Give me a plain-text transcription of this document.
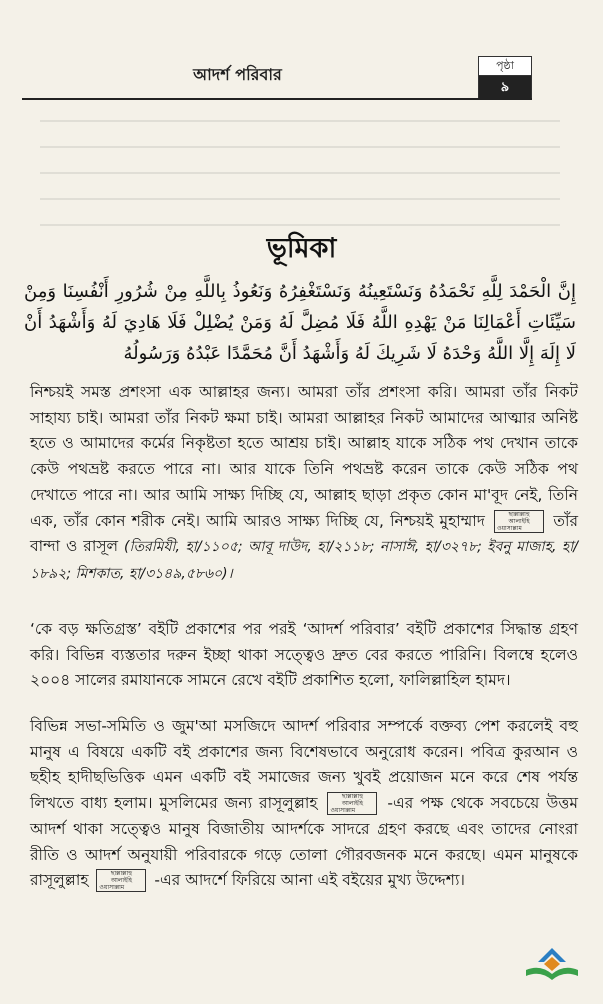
আদর্শ পরিবার	পৃষ্ঠা
৯
ভূমিকা
إِنَّ الْحَمْدَ لِلَّهِ نَحْمَدُهُ وَنَسْتَعِينُهُ وَنَسْتَغْفِرُهُ وَنَعُوذُ بِاللَّهِ مِنْ شُرُورِ أَنْفُسِنَا وَمِنْ سَيِّئَاتِ أَعْمَالِنَا مَنْ يَهْدِهِ اللَّهُ فَلَا مُضِلَّ لَهُ وَمَنْ يُضْلِلْ فَلَا هَادِيَ لَهُ وَأَشْهَدُ أَنْ لَا إِلَهَ إِلَّا اللَّهُ وَحْدَهُ لَا شَرِيكَ لَهُ وَأَشْهَدُ أَنَّ مُحَمَّدًا عَبْدُهُ وَرَسُولُهُ
নিশ্চয়ই সমস্ত প্রশংসা এক আল্লাহর জন্য। আমরা তাঁর প্রশংসা করি। আমরা তাঁর নিকট সাহায্য চাই। আমরা তাঁর নিকট ক্ষমা চাই। আমরা আল্লাহর নিকট আমাদের আত্মার অনিষ্ট হতে ও আমাদের কর্মের নিকৃষ্টতা হতে আশ্রয় চাই। আল্লাহ যাকে সঠিক পথ দেখান তাকে কেউ পথভ্রষ্ট করতে পারে না। আর যাকে তিনি পথভ্রষ্ট করেন তাকে কেউ সঠিক পথ দেখাতে পারে না। আর আমি সাক্ষ্য দিচ্ছি যে, আল্লাহ ছাড়া প্রকৃত কোন মা'বূদ নেই, তিনি এক, তাঁর কোন শরীক নেই। আমি আরও সাক্ষ্য দিচ্ছি যে, নিশ্চয়ই মুহাম্মাদ	ছাল্লাল্লাহু আলাইহি ওয়াসাল্লাম তাঁর বান্দা ও রাসূল (তিরমিযী, হা/১১০৫; আবূ দাউদ, হা/২১১৮; নাসাঈ, হা/৩২৭৮; ইবনু মাজাহ, হা/১৮৯২; মিশকাত, হা/৩১৪৯,৫৮৬০)।
‘কে বড় ক্ষতিগ্রস্ত’ বইটি প্রকাশের পর পরই ‘আদর্শ পরিবার’ বইটি প্রকাশের সিদ্ধান্ত গ্রহণ করি। বিভিন্ন ব্যস্ততার দরুন ইচ্ছা থাকা সত্ত্বেও দ্রুত বের করতে পারিনি। বিলম্বে হলেও ২০০৪ সালের রমাযানকে সামনে রেখে বইটি প্রকাশিত হলো, ফালিল্লাহিল হামদ।
বিভিন্ন সভা-সমিতি ও জুম'আ মসজিদে আদর্শ পরিবার সম্পর্কে বক্তব্য পেশ করলেই বহু মানুষ এ বিষয়ে একটি বই প্রকাশের জন্য বিশেষভাবে অনুরোধ করেন। পবিত্র কুরআন ও ছহীহ হাদীছভিত্তিক এমন একটি বই সমাজের জন্য খুবই প্রয়োজন মনে করে শেষ পর্যন্ত লিখতে বাধ্য হলাম। মুসলিমের জন্য রাসূলুল্লাহ	ছাল্লাল্লাহু আলাইহি ওয়াসাল্লাম -এর পক্ষ থেকে সবচেয়ে উত্তম আদর্শ থাকা সত্ত্বেও মানুষ বিজাতীয় আদর্শকে সাদরে গ্রহণ করছে এবং তাদের নোংরা রীতি ও আদর্শ অনুযায়ী পরিবারকে গড়ে তোলা গৌরবজনক মনে করছে। এমন মানুষকে রাসূলুল্লাহ	ছাল্লাল্লাহু আলাইহি ওয়াসাল্লাম -এর আদর্শে ফিরিয়ে আনা এই বইয়ের মুখ্য উদ্দেশ্য।
